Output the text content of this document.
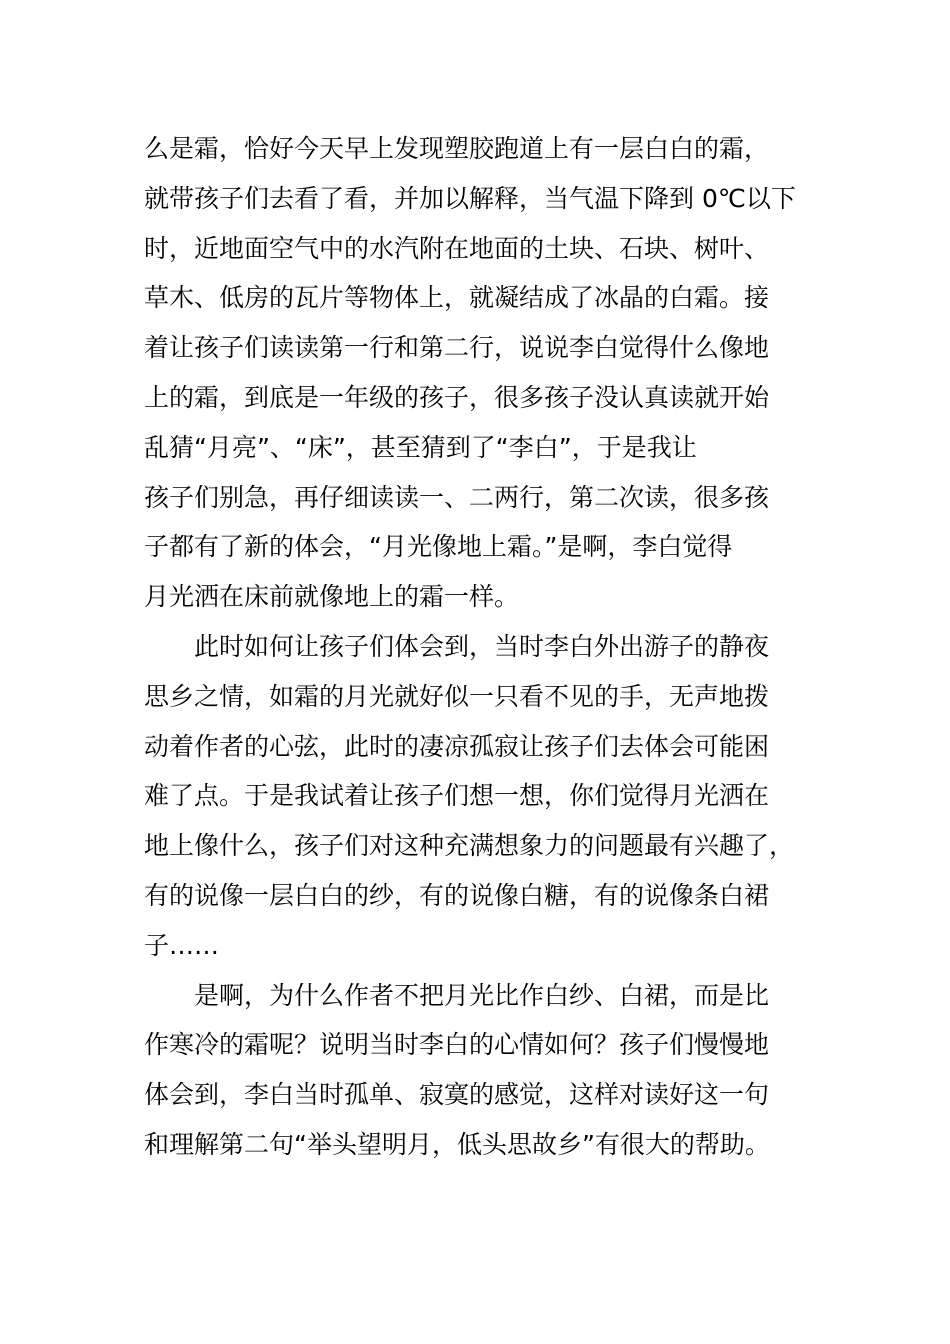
么是霜，恰好今天早上发现塑胶跑道上有一层白白的霜，
就带孩子们去看了看，并加以解释，当气温下降到 0℃以下
时，近地面空气中的水汽附在地面的土块、石块、树叶、
草木、低房的瓦片等物体上，就凝结成了冰晶的白霜。接
着让孩子们读读第一行和第二行，说说李白觉得什么像地
上的霜，到底是一年级的孩子，很多孩子没认真读就开始
乱猜“月亮”、“床”，甚至猜到了“李白”，于是我让
孩子们别急，再仔细读读一、二两行，第二次读，很多孩
子都有了新的体会，“月光像地上霜。”是啊，李白觉得
月光洒在床前就像地上的霜一样。
此时如何让孩子们体会到，当时李白外出游子的静夜
思乡之情，如霜的月光就好似一只看不见的手，无声地拨
动着作者的心弦，此时的凄凉孤寂让孩子们去体会可能困
难了点。于是我试着让孩子们想一想，你们觉得月光洒在
地上像什么，孩子们对这种充满想象力的问题最有兴趣了，
有的说像一层白白的纱，有的说像白糖，有的说像条白裙
子……
是啊，为什么作者不把月光比作白纱、白裙，而是比
作寒冷的霜呢？说明当时李白的心情如何？孩子们慢慢地
体会到，李白当时孤单、寂寞的感觉，这样对读好这一句
和理解第二句“举头望明月，低头思故乡”有很大的帮助。
